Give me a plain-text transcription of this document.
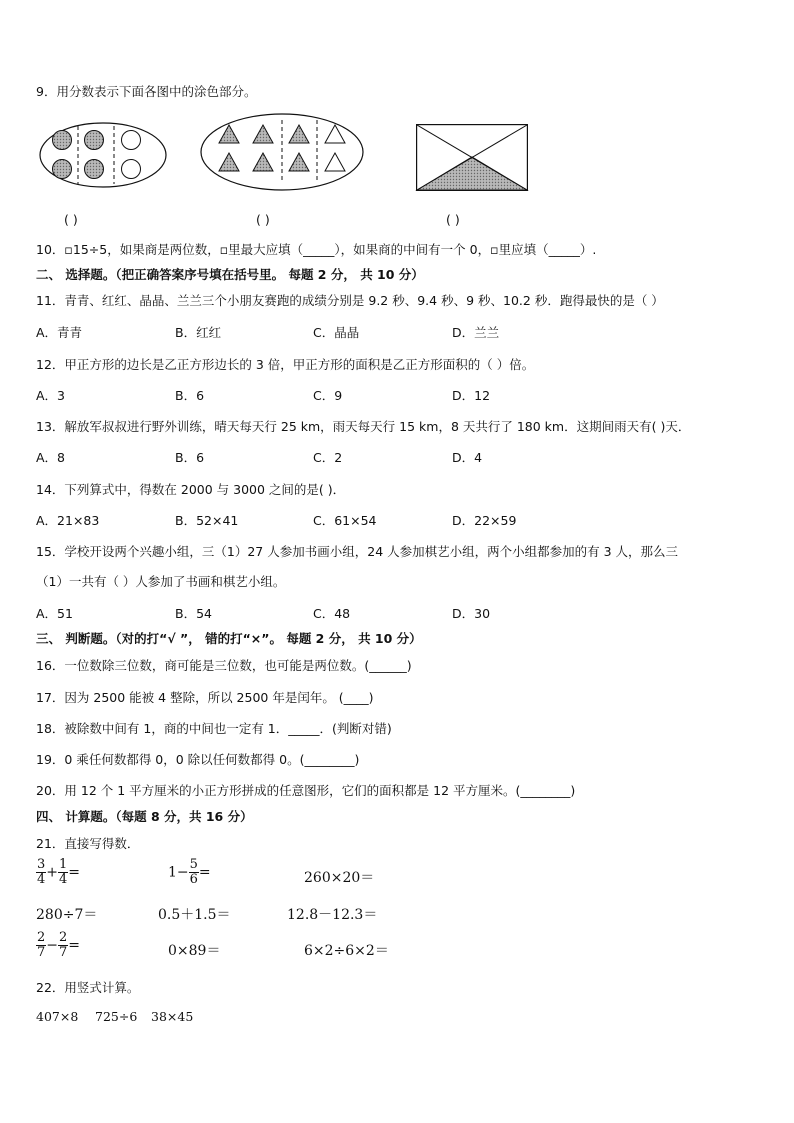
9．用分数表示下面各图中的涂色部分。
( )	( )	( )
10．▫15÷5，如果商是两位数，▫里最大应填（_____），如果商的中间有一个 0，▫里应填（_____）.
二、 选择题。（把正确答案序号填在括号里。 每题 2 分， 共 10 分）
11．青青、红红、晶晶、兰兰三个小朋友赛跑的成绩分别是 9.2 秒、9.4 秒、9 秒、10.2 秒．跑得最快的是（ ）
A．青青	B．红红	C．晶晶	D．兰兰
12．甲正方形的边长是乙正方形边长的 3 倍，甲正方形的面积是乙正方形面积的（ ）倍。
A．3	B．6	C．9	D．12
13．解放军叔叔进行野外训练，晴天每天行 25 km，雨天每天行 15 km，8 天共行了 180 km．这期间雨天有( )天．
A．8	B．6	C．2	D．4
14．下列算式中，得数在 2000 与 3000 之间的是( )．
A．21×83	B．52×41	C．61×54	D．22×59
15．学校开设两个兴趣小组，三（1）27 人参加书画小组，24 人参加棋艺小组，两个小组都参加的有 3 人，那么三
（1）一共有（ ）人参加了书画和棋艺小组。
A．51	B．54	C．48	D．30
三、 判断题。（对的打“√ ”， 错的打“×”。 每题 2 分， 共 10 分）
16．一位数除三位数，商可能是三位数，也可能是两位数。(______)
17．因为 2500 能被 4 整除，所以 2500 年是闰年。 (____)
18．被除数中间有 1，商的中间也一定有 1．_____．(判断对错)
19．0 乘任何数都得 0，0 除以任何数都得 0。(________)
20．用 12 个 1 平方厘米的小正方形拼成的任意图形，它们的面积都是 12 平方厘米。(________)
四、 计算题。（每题 8 分，共 16 分）
21．直接写得数．
$\frac{3}{4} + \frac{1}{4}$ =	$1- \frac{5}{6}$ =	260×20＝
280÷7＝	0.5＋1.5＝	12.8－12.3＝
$\frac{2}{7} - \frac{2}{7}$ =	0×89＝	6×2÷6×2＝
22．用竖式计算。
407×8 725÷6 38×45
